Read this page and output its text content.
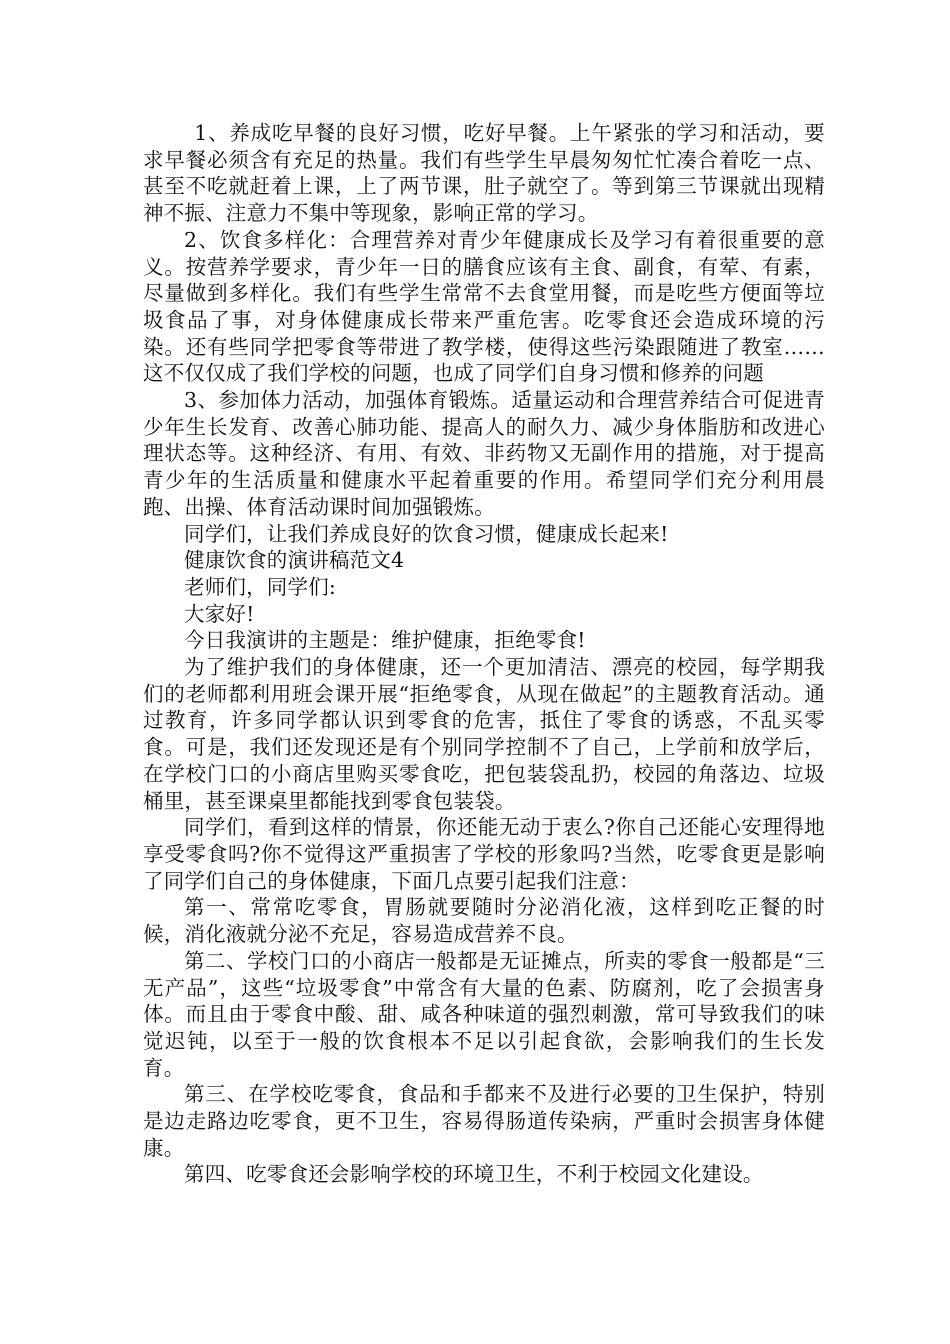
1、养成吃早餐的良好习惯，吃好早餐。上午紧张的学习和活动，要求早餐必须含有充足的热量。我们有些学生早晨匆匆忙忙凑合着吃一点、甚至不吃就赶着上课，上了两节课，肚子就空了。等到第三节课就出现精神不振、注意力不集中等现象，影响正常的学习。

2、饮食多样化：合理营养对青少年健康成长及学习有着很重要的意义。按营养学要求，青少年一日的膳食应该有主食、副食，有荤、有素，尽量做到多样化。我们有些学生常常不去食堂用餐，而是吃些方便面等垃圾食品了事，对身体健康成长带来严重危害。吃零食还会造成环境的污染。还有些同学把零食等带进了教学楼，使得这些污染跟随进了教室……这不仅仅成了我们学校的问题，也成了同学们自身习惯和修养的问题

3、参加体力活动，加强体育锻炼。适量运动和合理营养结合可促进青少年生长发育、改善心肺功能、提高人的耐久力、减少身体脂肪和改进心理状态等。这种经济、有用、有效、非药物又无副作用的措施，对于提高青少年的生活质量和健康水平起着重要的作用。希望同学们充分利用晨跑、出操、体育活动课时间加强锻炼。

同学们，让我们养成良好的饮食习惯，健康成长起来!

健康饮食的演讲稿范文4

老师们，同学们:

大家好!

今日我演讲的主题是：维护健康，拒绝零食!

为了维护我们的身体健康，还一个更加清洁、漂亮的校园，每学期我们的老师都利用班会课开展“拒绝零食，从现在做起”的主题教育活动。通过教育，许多同学都认识到零食的危害，抵住了零食的诱惑，不乱买零食。可是，我们还发现还是有个别同学控制不了自己，上学前和放学后，在学校门口的小商店里购买零食吃，把包装袋乱扔，校园的角落边、垃圾桶里，甚至课桌里都能找到零食包装袋。

同学们，看到这样的情景，你还能无动于衷么?你自己还能心安理得地享受零食吗?你不觉得这严重损害了学校的形象吗?当然，吃零食更是影响了同学们自己的身体健康，下面几点要引起我们注意：

第一、常常吃零食，胃肠就要随时分泌消化液，这样到吃正餐的时候，消化液就分泌不充足，容易造成营养不良。

第二、学校门口的小商店一般都是无证摊点，所卖的零食一般都是“三无产品”，这些“垃圾零食”中常含有大量的色素、防腐剂，吃了会损害身体。而且由于零食中酸、甜、咸各种味道的强烈刺激，常可导致我们的味觉迟钝，以至于一般的饮食根本不足以引起食欲，会影响我们的生长发育。

第三、在学校吃零食，食品和手都来不及进行必要的卫生保护，特别是边走路边吃零食，更不卫生，容易得肠道传染病，严重时会损害身体健康。

第四、吃零食还会影响学校的环境卫生，不利于校园文化建设。
